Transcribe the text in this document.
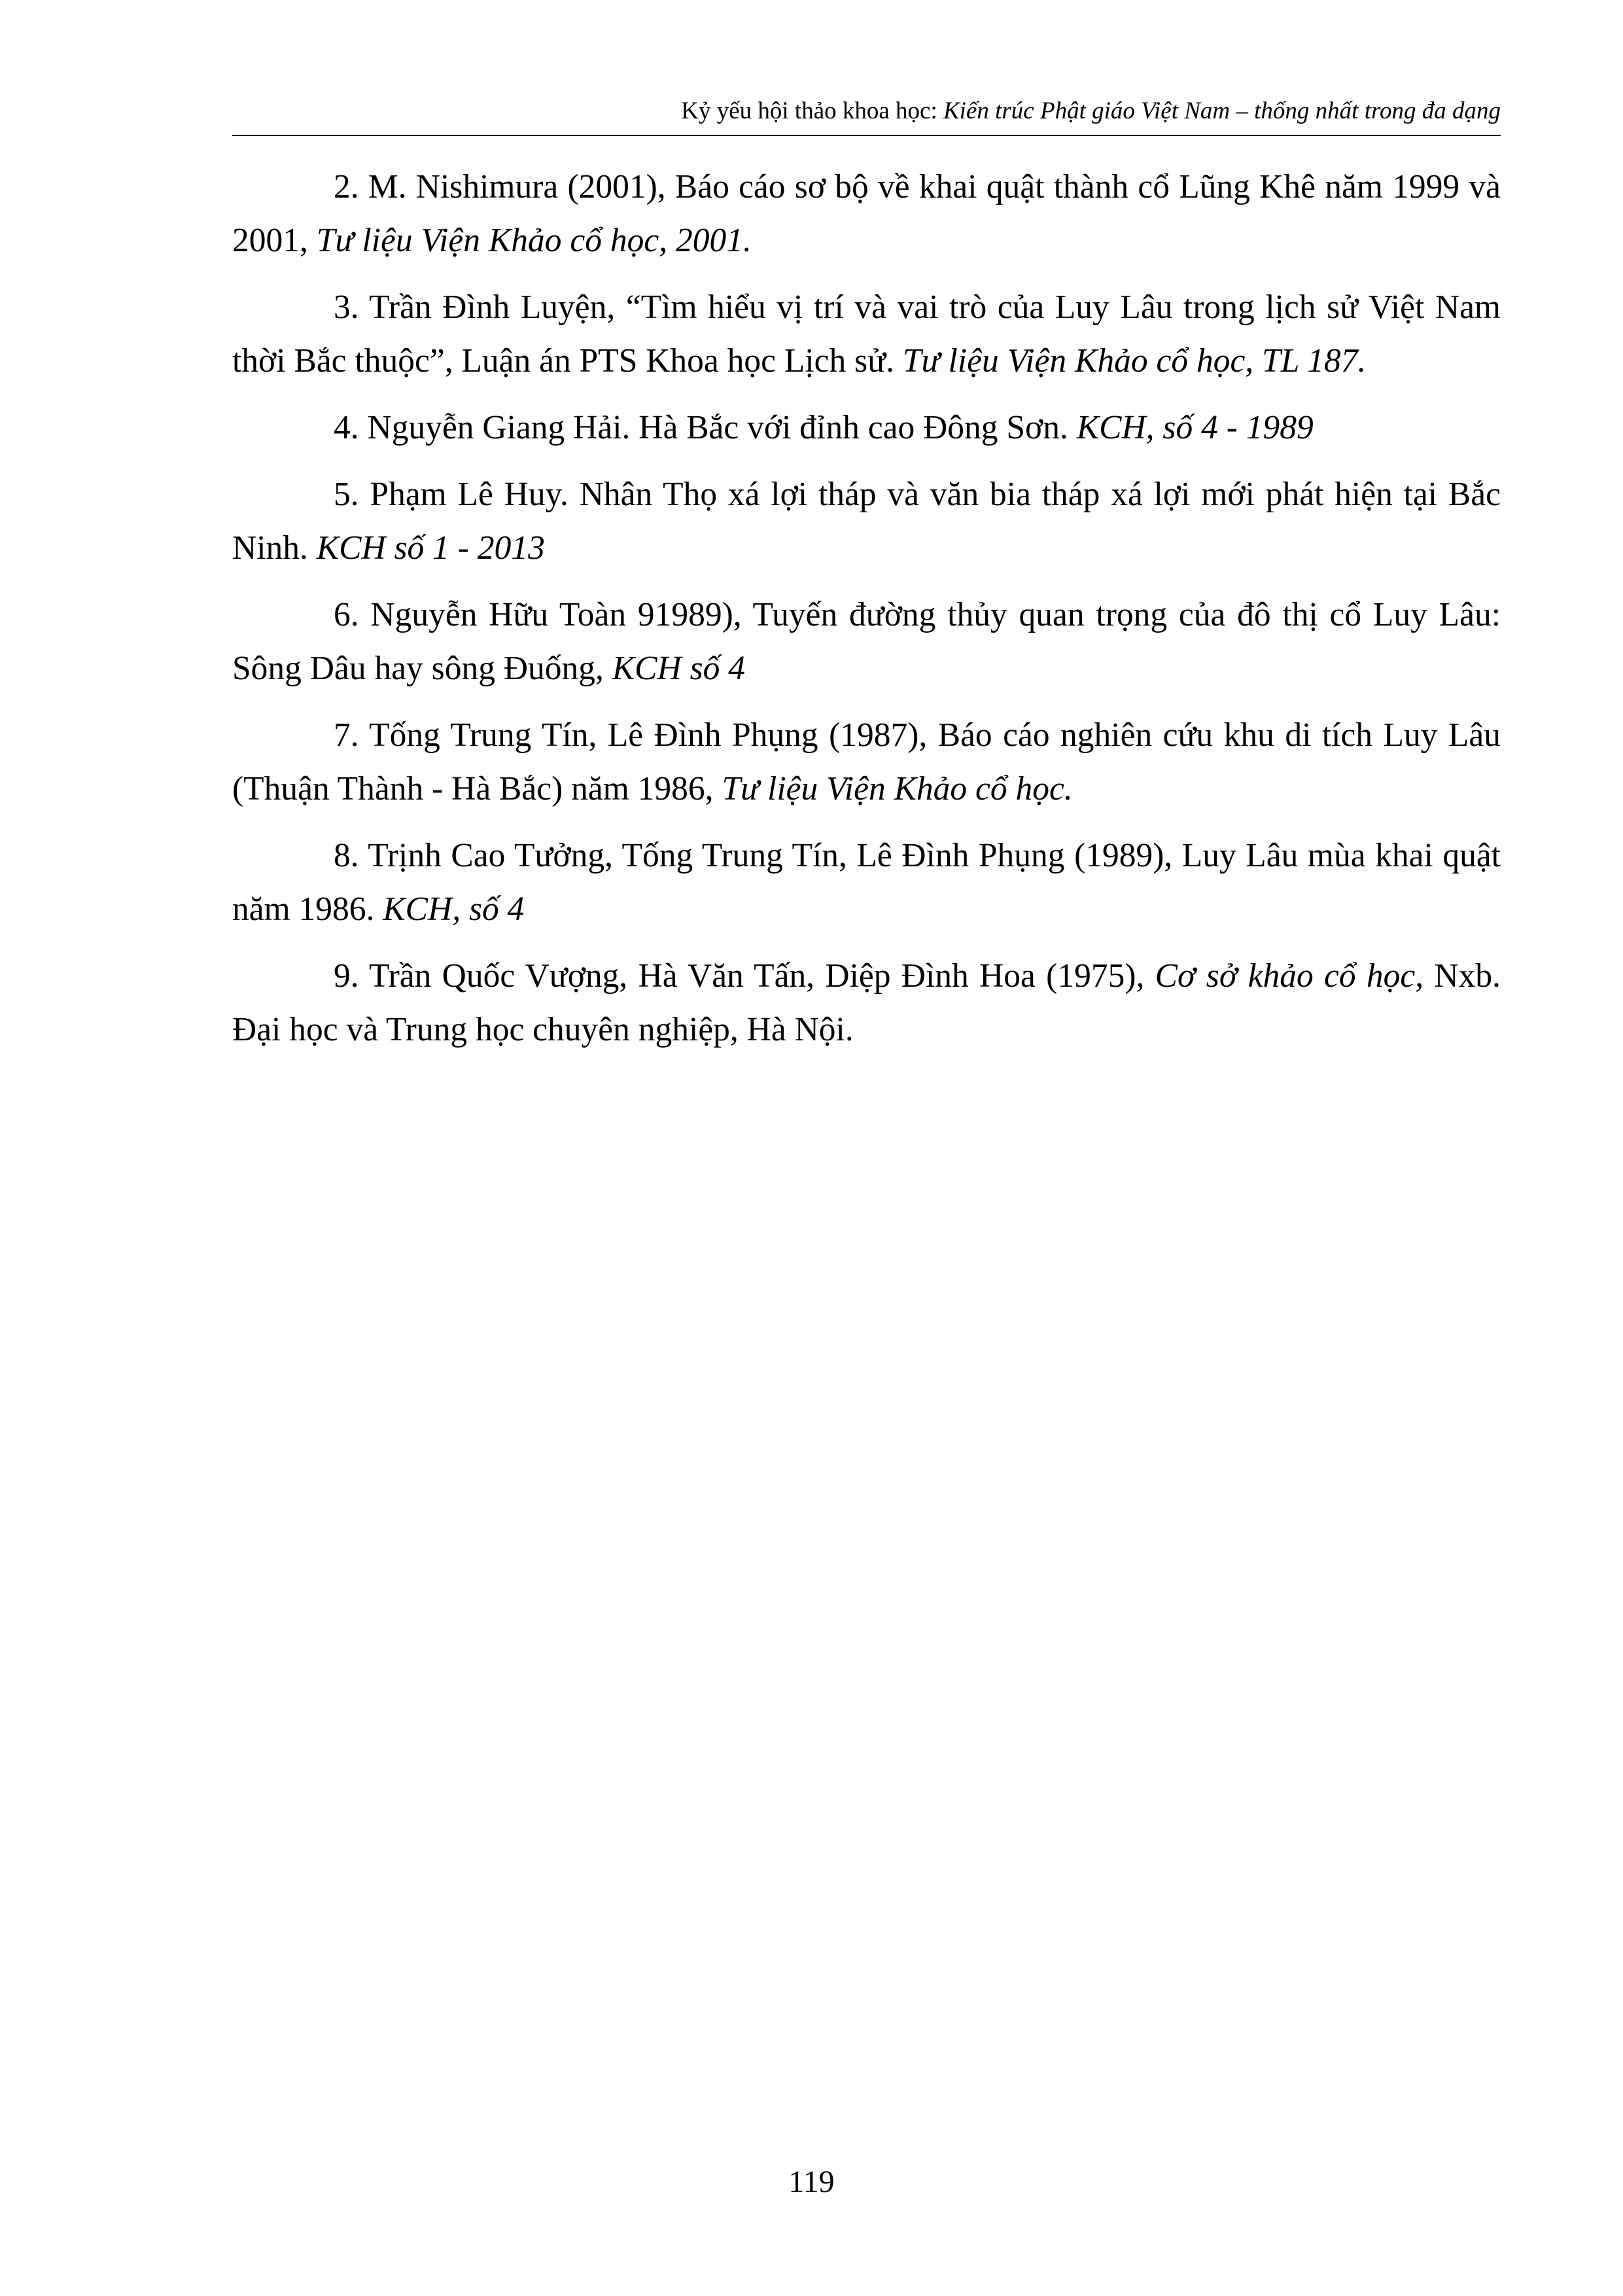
Kỷ yếu hội thảo khoa học: Kiến trúc Phật giáo Việt Nam – thống nhất trong đa dạng

2. M. Nishimura (2001), Báo cáo sơ bộ về khai quật thành cổ Lũng Khê năm 1999 và 2001, Tư liệu Viện Khảo cổ học, 2001.

3. Trần Đình Luyện, “Tìm hiểu vị trí và vai trò của Luy Lâu trong lịch sử Việt Nam thời Bắc thuộc”, Luận án PTS Khoa học Lịch sử. Tư liệu Viện Khảo cổ học, TL 187.

4. Nguyễn Giang Hải. Hà Bắc với đỉnh cao Đông Sơn. KCH, số 4 - 1989

5. Phạm Lê Huy. Nhân Thọ xá lợi tháp và văn bia tháp xá lợi mới phát hiện tại Bắc Ninh. KCH số 1 - 2013

6. Nguyễn Hữu Toàn 91989), Tuyến đường thủy quan trọng của đô thị cổ Luy Lâu: Sông Dâu hay sông Đuống, KCH số 4

7. Tống Trung Tín, Lê Đình Phụng (1987), Báo cáo nghiên cứu khu di tích Luy Lâu (Thuận Thành - Hà Bắc) năm 1986, Tư liệu Viện Khảo cổ học.

8. Trịnh Cao Tưởng, Tống Trung Tín, Lê Đình Phụng (1989), Luy Lâu mùa khai quật năm 1986. KCH, số 4

9. Trần Quốc Vượng, Hà Văn Tấn, Diệp Đình Hoa (1975), Cơ sở khảo cổ học, Nxb. Đại học và Trung học chuyên nghiệp, Hà Nội.

119
